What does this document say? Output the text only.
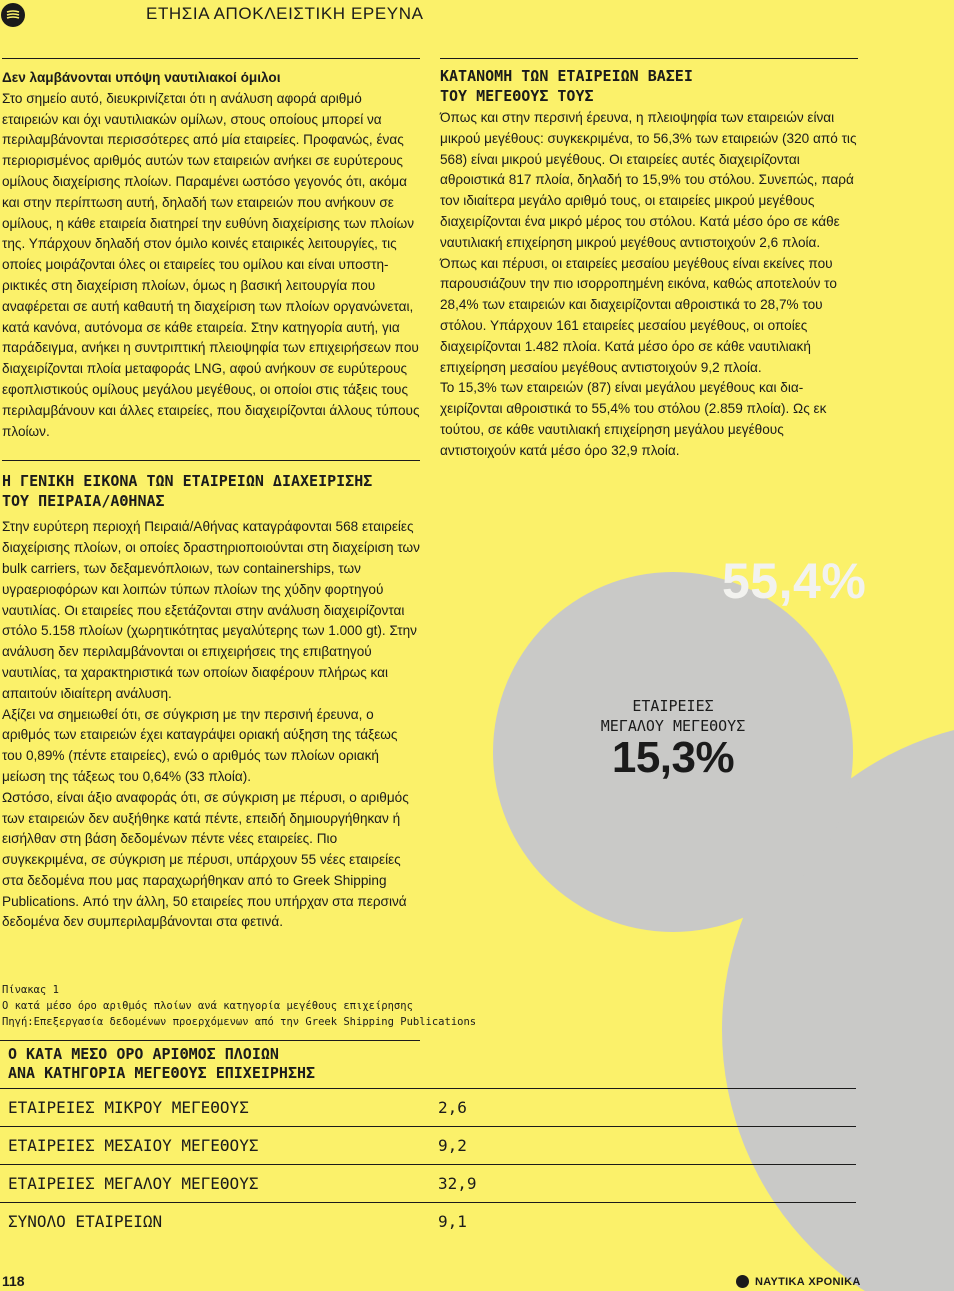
ΕΤΗΣΙΑ ΑΠΟΚΛΕΙΣΤΙΚΗ ΕΡΕΥΝΑ
55,4%
ΕΤΑΙΡΕΙΕΣ
ΜΕΓΑΛΟΥ ΜΕΓΕΘΟΥΣ
15,3%

Δεν λαμβάνονται υπόψη ναυτιλιακοί όμιλοι

Στο σημείο αυτό, διευκρινίζεται ότι η ανάλυση αφορά αριθμό εταιρειών και όχι ναυτιλιακών ομίλων, στους οποίους μπορεί να περιλαμβάνονται περισσότερες από μία εταιρείες. Προφανώς, ένας περιορισμένος αριθμός αυτών των εταιρειών ανήκει σε ευρύτερους ομίλους διαχείρισης πλοίων. Παραμένει ωστόσο γεγονός ότι, ακόμα και στην περίπτωση αυτή, δηλαδή των εταιρειών που ανήκουν σε ομίλους, η κάθε εταιρεία διατηρεί την ευθύνη διαχείρισης των πλοίων της. Υπάρχουν δηλαδή στον όμιλο κοινές εταιρικές λειτουργίες, τις οποίες μοιράζονται όλες οι εταιρείες του ομίλου και είναι υποστηρικτικές στη διαχείριση πλοίων, όμως η βασική λειτουργία που αναφέρεται σε αυτή καθαυτή τη διαχείριση των πλοίων οργανώνεται, κατά κανόνα, αυτόνομα σε κάθε εταιρεία. Στην κατηγορία αυτή, για παράδειγμα, ανήκει η συντριπτική πλειοψηφία των επιχειρήσεων που διαχειρίζονται πλοία μεταφοράς LNG, αφού ανήκουν σε ευρύτερους εφοπλιστικούς ομίλους μεγάλου μεγέθους, οι οποίοι στις τάξεις τους περιλαμβάνουν και άλλες εταιρείες, που διαχειρίζονται άλλους τύπους πλοίων.

Η ΓΕΝΙΚΗ ΕΙΚΟΝΑ ΤΩΝ ΕΤΑΙΡΕΙΩΝ ΔΙΑΧΕΙΡΙΣΗΣ
ΤΟΥ ΠΕΙΡΑΙΑ/ΑΘΗΝΑΣ

Στην ευρύτερη περιοχή Πειραιά/Αθήνας καταγράφονται 568 εταιρείες διαχείρισης πλοίων, οι οποίες δραστηριοποιούνται στη διαχείριση των bulk carriers, των δεξαμενόπλοιων, των containerships, των υγραεριοφόρων και λοιπών τύπων πλοίων της χύδην φορτηγού ναυτιλίας. Οι εταιρείες που εξετάζονται στην ανάλυση διαχειρίζονται στόλο 5.158 πλοίων (χωρητικότητας μεγαλύτερης των 1.000 gt). Στην ανάλυση δεν περιλαμβάνονται οι επιχειρήσεις της επιβατηγού ναυτιλίας, τα χαρακτηριστικά των οποίων διαφέρουν πλήρως και απαιτούν ιδιαίτερη ανάλυση.

Αξίζει να σημειωθεί ότι, σε σύγκριση με την περσινή έρευνα, ο αριθμός των εταιρειών έχει καταγράψει οριακή αύξηση της τάξεως του 0,89% (πέντε εταιρείες), ενώ ο αριθμός των πλοίων οριακή μείωση της τάξεως του 0,64% (33 πλοία).

Ωστόσο, είναι άξιο αναφοράς ότι, σε σύγκριση με πέρυσι, ο αριθμός των εταιρειών δεν αυξήθηκε κατά πέντε, επειδή δημιουργήθηκαν ή εισήλθαν στη βάση δεδομένων πέντε νέες εταιρείες. Πιο συγκεκριμένα, σε σύγκριση με πέρυσι, υπάρχουν 55 νέες εταιρείες στα δεδομένα που μας παραχωρήθηκαν από το Greek Shipping Publications. Από την άλλη, 50 εταιρείες που υπήρχαν στα περσινά δεδομένα δεν συμπεριλαμβάνονται στα φετινά.

ΚΑΤΑΝΟΜΗ ΤΩΝ ΕΤΑΙΡΕΙΩΝ ΒΑΣΕΙ
ΤΟΥ ΜΕΓΕΘΟΥΣ ΤΟΥΣ

Όπως και στην περσινή έρευνα, η πλειοψηφία των εταιρειών είναι μικρού μεγέθους: συγκεκριμένα, το 56,3% των εταιρειών (320 από τις 568) είναι μικρού μεγέθους. Οι εταιρείες αυτές διαχειρίζονται αθροιστικά 817 πλοία, δηλαδή το 15,9% του στόλου. Συνεπώς, παρά τον ιδιαίτερα μεγάλο αριθμό τους, οι εταιρείες μικρού μεγέθους διαχειρίζονται ένα μικρό μέρος του στόλου. Κατά μέσο όρο σε κάθε ναυτιλιακή επιχείρηση μικρού μεγέθους αντιστοιχούν 2,6 πλοία.

Όπως και πέρυσι, οι εταιρείες μεσαίου μεγέθους είναι εκείνες που παρουσιάζουν την πιο ισορροπημένη εικόνα, καθώς αποτελούν το 28,4% των εταιρειών και διαχειρίζονται αθροιστικά το 28,7% του στόλου. Υπάρχουν 161 εταιρείες μεσαίου μεγέθους, οι οποίες διαχειρίζονται 1.482 πλοία. Κατά μέσο όρο σε κάθε ναυτιλιακή επιχείρηση μεσαίου μεγέθους αντιστοιχούν 9,2 πλοία.

Το 15,3% των εταιρειών (87) είναι μεγάλου μεγέθους και διαχειρίζονται αθροιστικά το 55,4% του στόλου (2.859 πλοία). Ως εκ τούτου, σε κάθε ναυτιλιακή επιχείρηση μεγάλου μεγέθους αντιστοιχούν κατά μέσο όρο 32,9 πλοία.

Πίνακας 1
Ο κατά μέσο όρο αριθμός πλοίων ανά κατηγορία μεγέθους επιχείρησης
Πηγή:Επεξεργασία δεδομένων προερχόμενων από την Greek Shipping Publications
Ο ΚΑΤΑ ΜΕΣΟ ΟΡΟ ΑΡΙΘΜΟΣ ΠΛΟΙΩΝ
ΑΝΑ ΚΑΤΗΓΟΡΙΑ ΜΕΓΕΘΟΥΣ ΕΠΙΧΕΙΡΗΣΗΣ
ΕΤΑΙΡΕΙΕΣ ΜΙΚΡΟΥ ΜΕΓΕΘΟΥΣ	2,6
ΕΤΑΙΡΕΙΕΣ ΜΕΣΑΙΟΥ ΜΕΓΕΘΟΥΣ	9,2
ΕΤΑΙΡΕΙΕΣ ΜΕΓΑΛΟΥ ΜΕΓΕΘΟΥΣ	32,9
ΣΥΝΟΛΟ ΕΤΑΙΡΕΙΩΝ	9,1
118	ΝΑΥΤΙΚΑ ΧΡΟΝΙΚΑ
